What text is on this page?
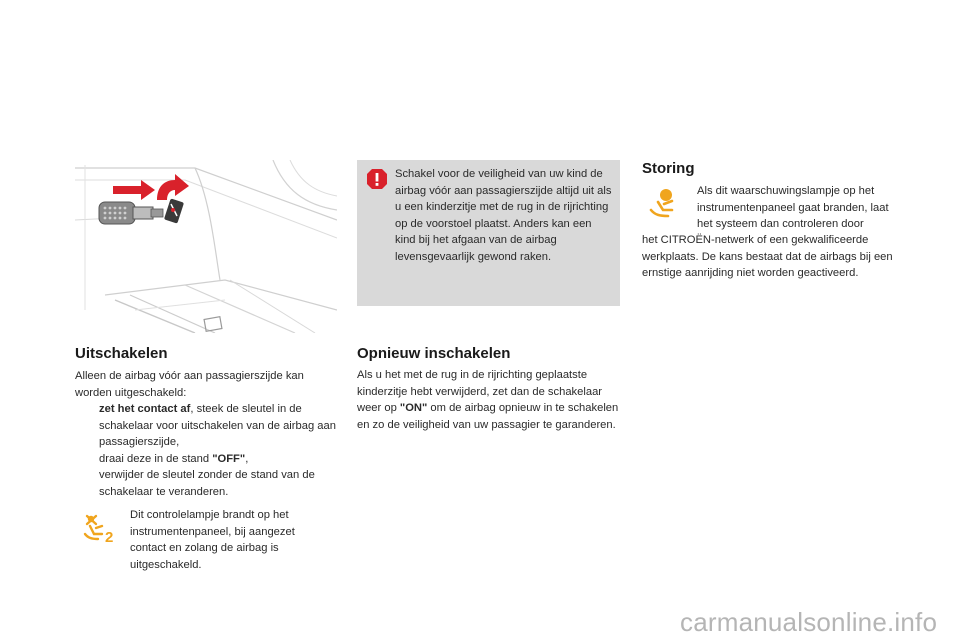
Uitschakelen
Alleen de airbag vóór aan passagierszijde kan worden uitgeschakeld:
zet het contact af, steek de sleutel in de schakelaar voor uitschakelen van de airbag aan passagierszijde,
draai deze in de stand "OFF",
verwijder de sleutel zonder de stand van de schakelaar te veranderen.
2
Dit controlelampje brandt op het instrumentenpaneel, bij aangezet contact en zolang de airbag is uitgeschakeld.
Schakel voor de veiligheid van uw kind de airbag vóór aan passagierszijde altijd uit als u een kinderzitje met de rug in de rijrichting op de voorstoel plaatst. Anders kan een kind bij het afgaan van de airbag levensgevaarlijk gewond raken.
Opnieuw inschakelen
Als u het met de rug in de rijrichting geplaatste kinderzitje hebt verwijderd, zet dan de schakelaar weer op "ON" om de airbag opnieuw in te schakelen en zo de veiligheid van uw passagier te garanderen.
Storing
Als dit waarschuwingslampje op het instrumentenpaneel gaat branden, laat het systeem dan controleren door
het CITROËN-netwerk of een gekwalificeerde werkplaats. De kans bestaat dat de airbags bij een ernstige aanrijding niet worden geactiveerd.
carmanualsonline.info
